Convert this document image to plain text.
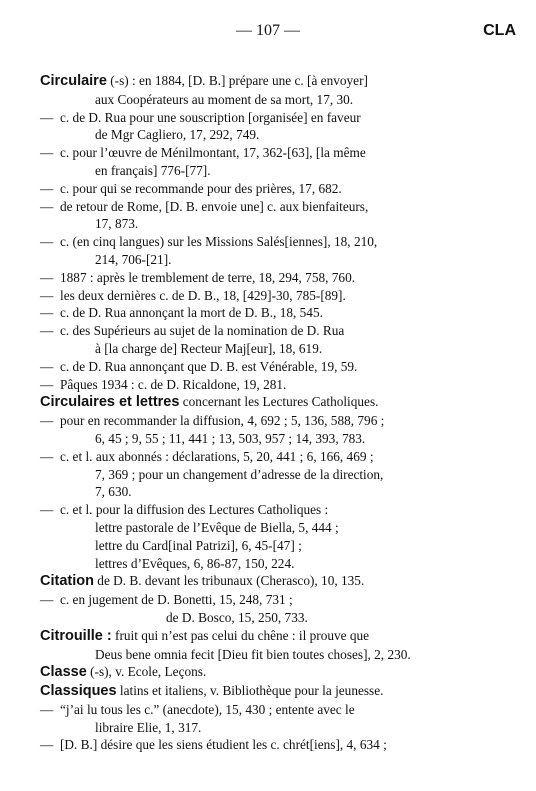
— 107 —	CLA
Circulaire (-s) : en 1884, [D. B.] prépare une c. [à envoyer]
aux Coopérateurs au moment de sa mort, 17, 30.
— c. de D. Rua pour une souscription [organisée] en faveur
de Mgr Cagliero, 17, 292, 749.
— c. pour l’œuvre de Ménilmontant, 17, 362-[63], [la même
en français] 776-[77].
— c. pour qui se recommande pour des prières, 17, 682.
— de retour de Rome, [D. B. envoie une] c. aux bienfaiteurs,
17, 873.
— c. (en cinq langues) sur les Missions Salés[iennes], 18, 210,
214, 706-[21].
— 1887 : après le tremblement de terre, 18, 294, 758, 760.
— les deux dernières c. de D. B., 18, [429]-30, 785-[89].
— c. de D. Rua annonçant la mort de D. B., 18, 545.
— c. des Supérieurs au sujet de la nomination de D. Rua
à [la charge de] Recteur Maj[eur], 18, 619.
— c. de D. Rua annonçant que D. B. est Vénérable, 19, 59.
— Pâques 1934 : c. de D. Ricaldone, 19, 281.
Circulaires et lettres concernant les Lectures Catholiques.
— pour en recommander la diffusion, 4, 692 ; 5, 136, 588, 796 ;
6, 45 ; 9, 55 ; 11, 441 ; 13, 503, 957 ; 14, 393, 783.
— c. et l. aux abonnés : déclarations, 5, 20, 441 ; 6, 166, 469 ;
7, 369 ; pour un changement d’adresse de la direction,
7, 630.
— c. et l. pour la diffusion des Lectures Catholiques :
lettre pastorale de l’Evêque de Biella, 5, 444 ;
lettre du Card[inal Patrizi], 6, 45-[47] ;
lettres d’Evêques, 6, 86-87, 150, 224.
Citation de D. B. devant les tribunaux (Cherasco), 10, 135.
— c. en jugement de D. Bonetti, 15, 248, 731 ;
de D. Bosco, 15, 250, 733.
Citrouille : fruit qui n’est pas celui du chêne : il prouve que
Deus bene omnia fecit [Dieu fit bien toutes choses], 2, 230.
Classe (-s), v. Ecole, Leçons.
Classiques latins et italiens, v. Bibliothèque pour la jeunesse.
— “j’ai lu tous les c.” (anecdote), 15, 430 ; entente avec le
libraire Elie, 1, 317.
— [D. B.] désire que les siens étudient les c. chrét[iens], 4, 634 ;
